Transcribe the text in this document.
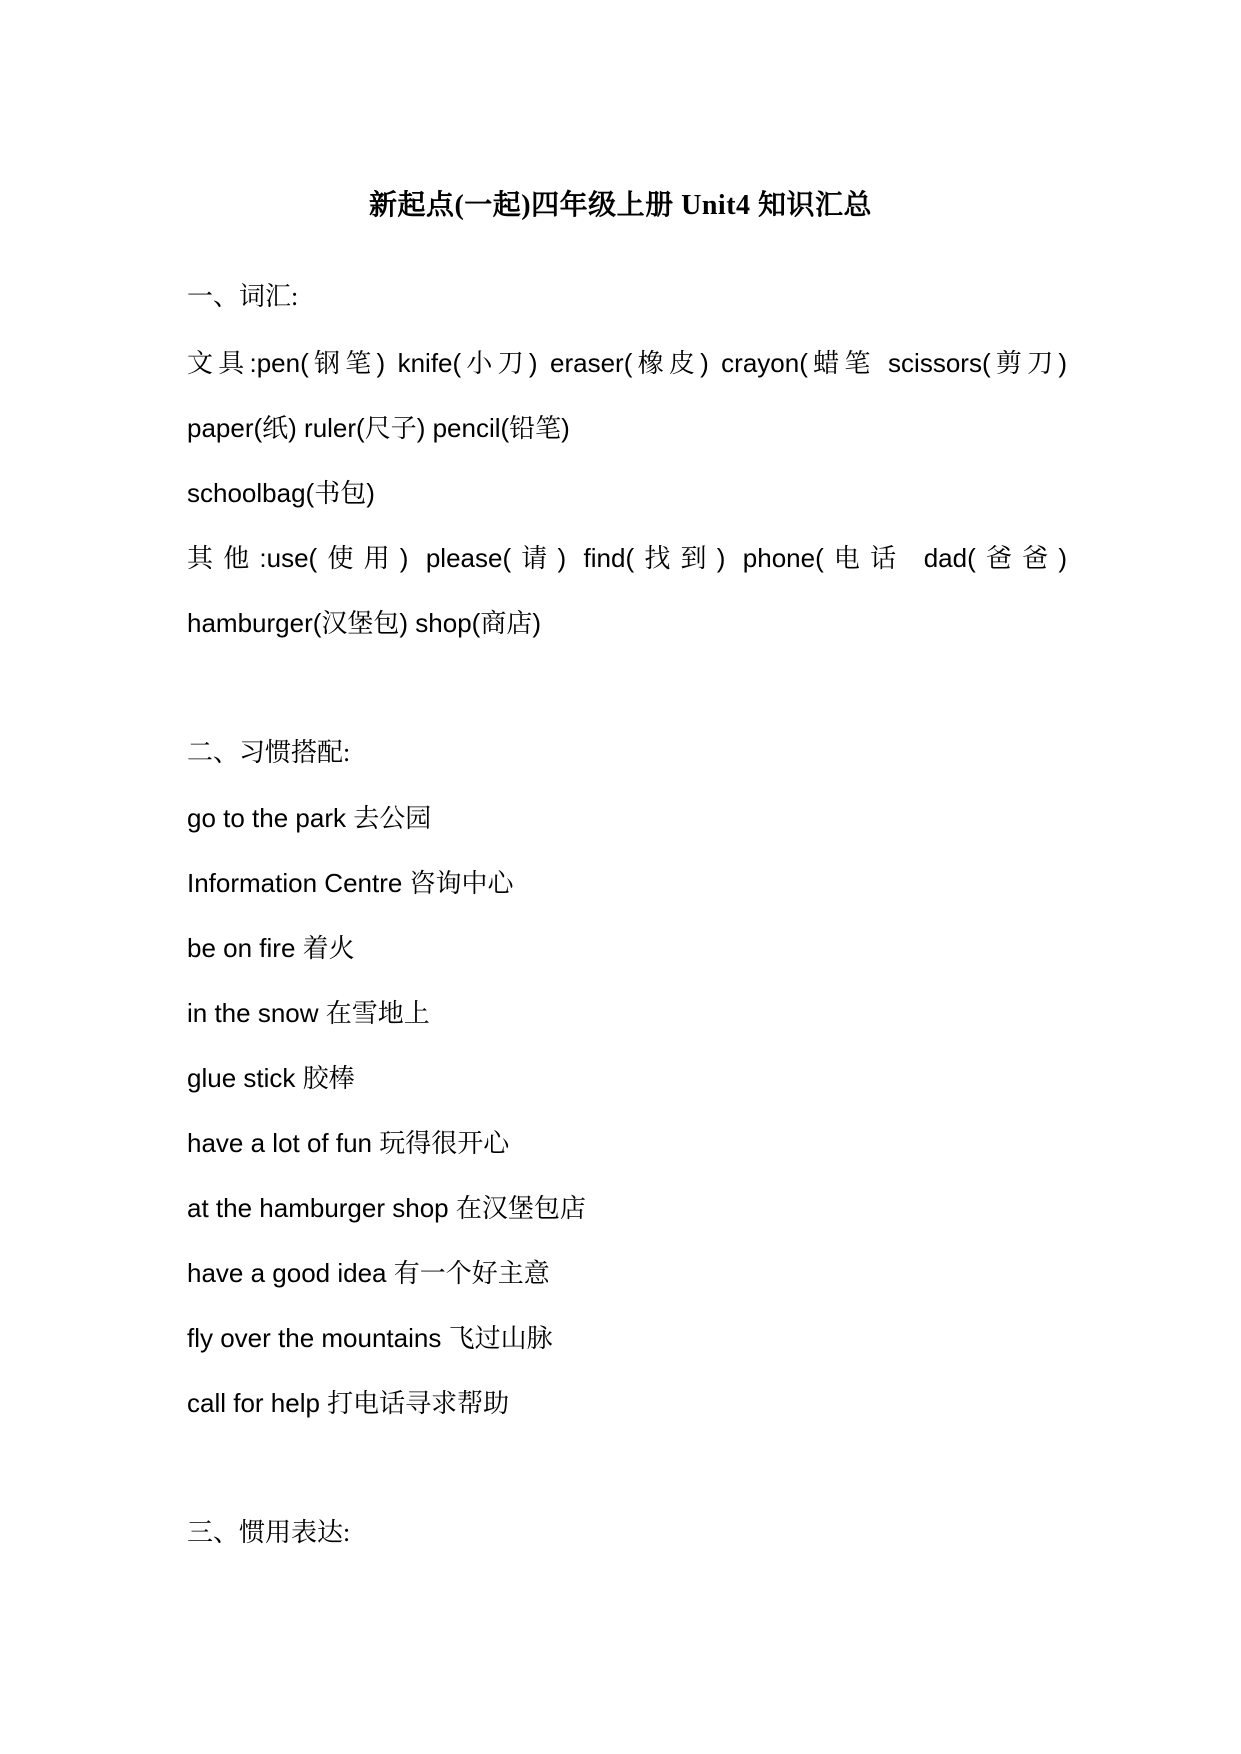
新起点(一起)四年级上册 Unit4 知识汇总
一、词汇:
文具:pen(钢笔) knife(小刀) eraser(橡皮) crayon(蜡笔 scissors(剪刀)
paper(纸) ruler(尺子) pencil(铅笔)
schoolbag(书包)
其他:use(使用) please(请) find(找到) phone(电话 dad(爸爸)
hamburger(汉堡包) shop(商店)
二、习惯搭配:
go to the park 去公园
Information Centre 咨询中心
be on fire 着火
in the snow 在雪地上
glue stick 胶棒
have a lot of fun 玩得很开心
at the hamburger shop 在汉堡包店
have a good idea 有一个好主意
fly over the mountains 飞过山脉
call for help 打电话寻求帮助
三、惯用表达:
